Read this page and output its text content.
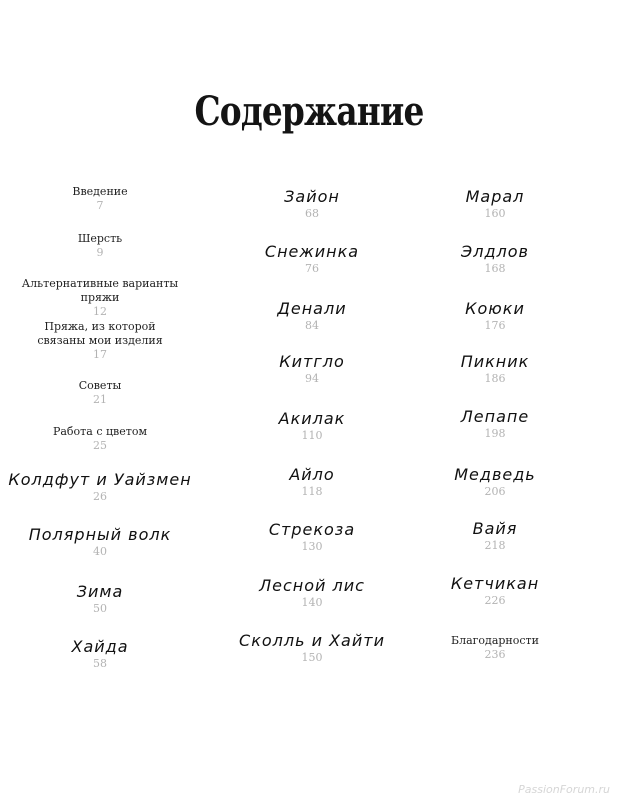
Содержание
Введение
7
Шерсть
9
Альтернативные варианты пряжи
12
Пряжа, из которой связаны мои изделия
17
Советы
21
Работа с цветом
25
Колдфут и Уайзмен
26
Полярный волк
40
Зима
50
Хайда
58
Зайон
68
Снежинка
76
Денали
84
Китгло
94
Акилак
110
Айло
118
Стрекоза
130
Лесной лис
140
Сколль и Хайти
150
Марал
160
Элдлов
168
Коюки
176
Пикник
186
Лепапе
198
Медведь
206
Вайя
218
Кетчикан
226
Благодарности
236
PassionForum.ru
